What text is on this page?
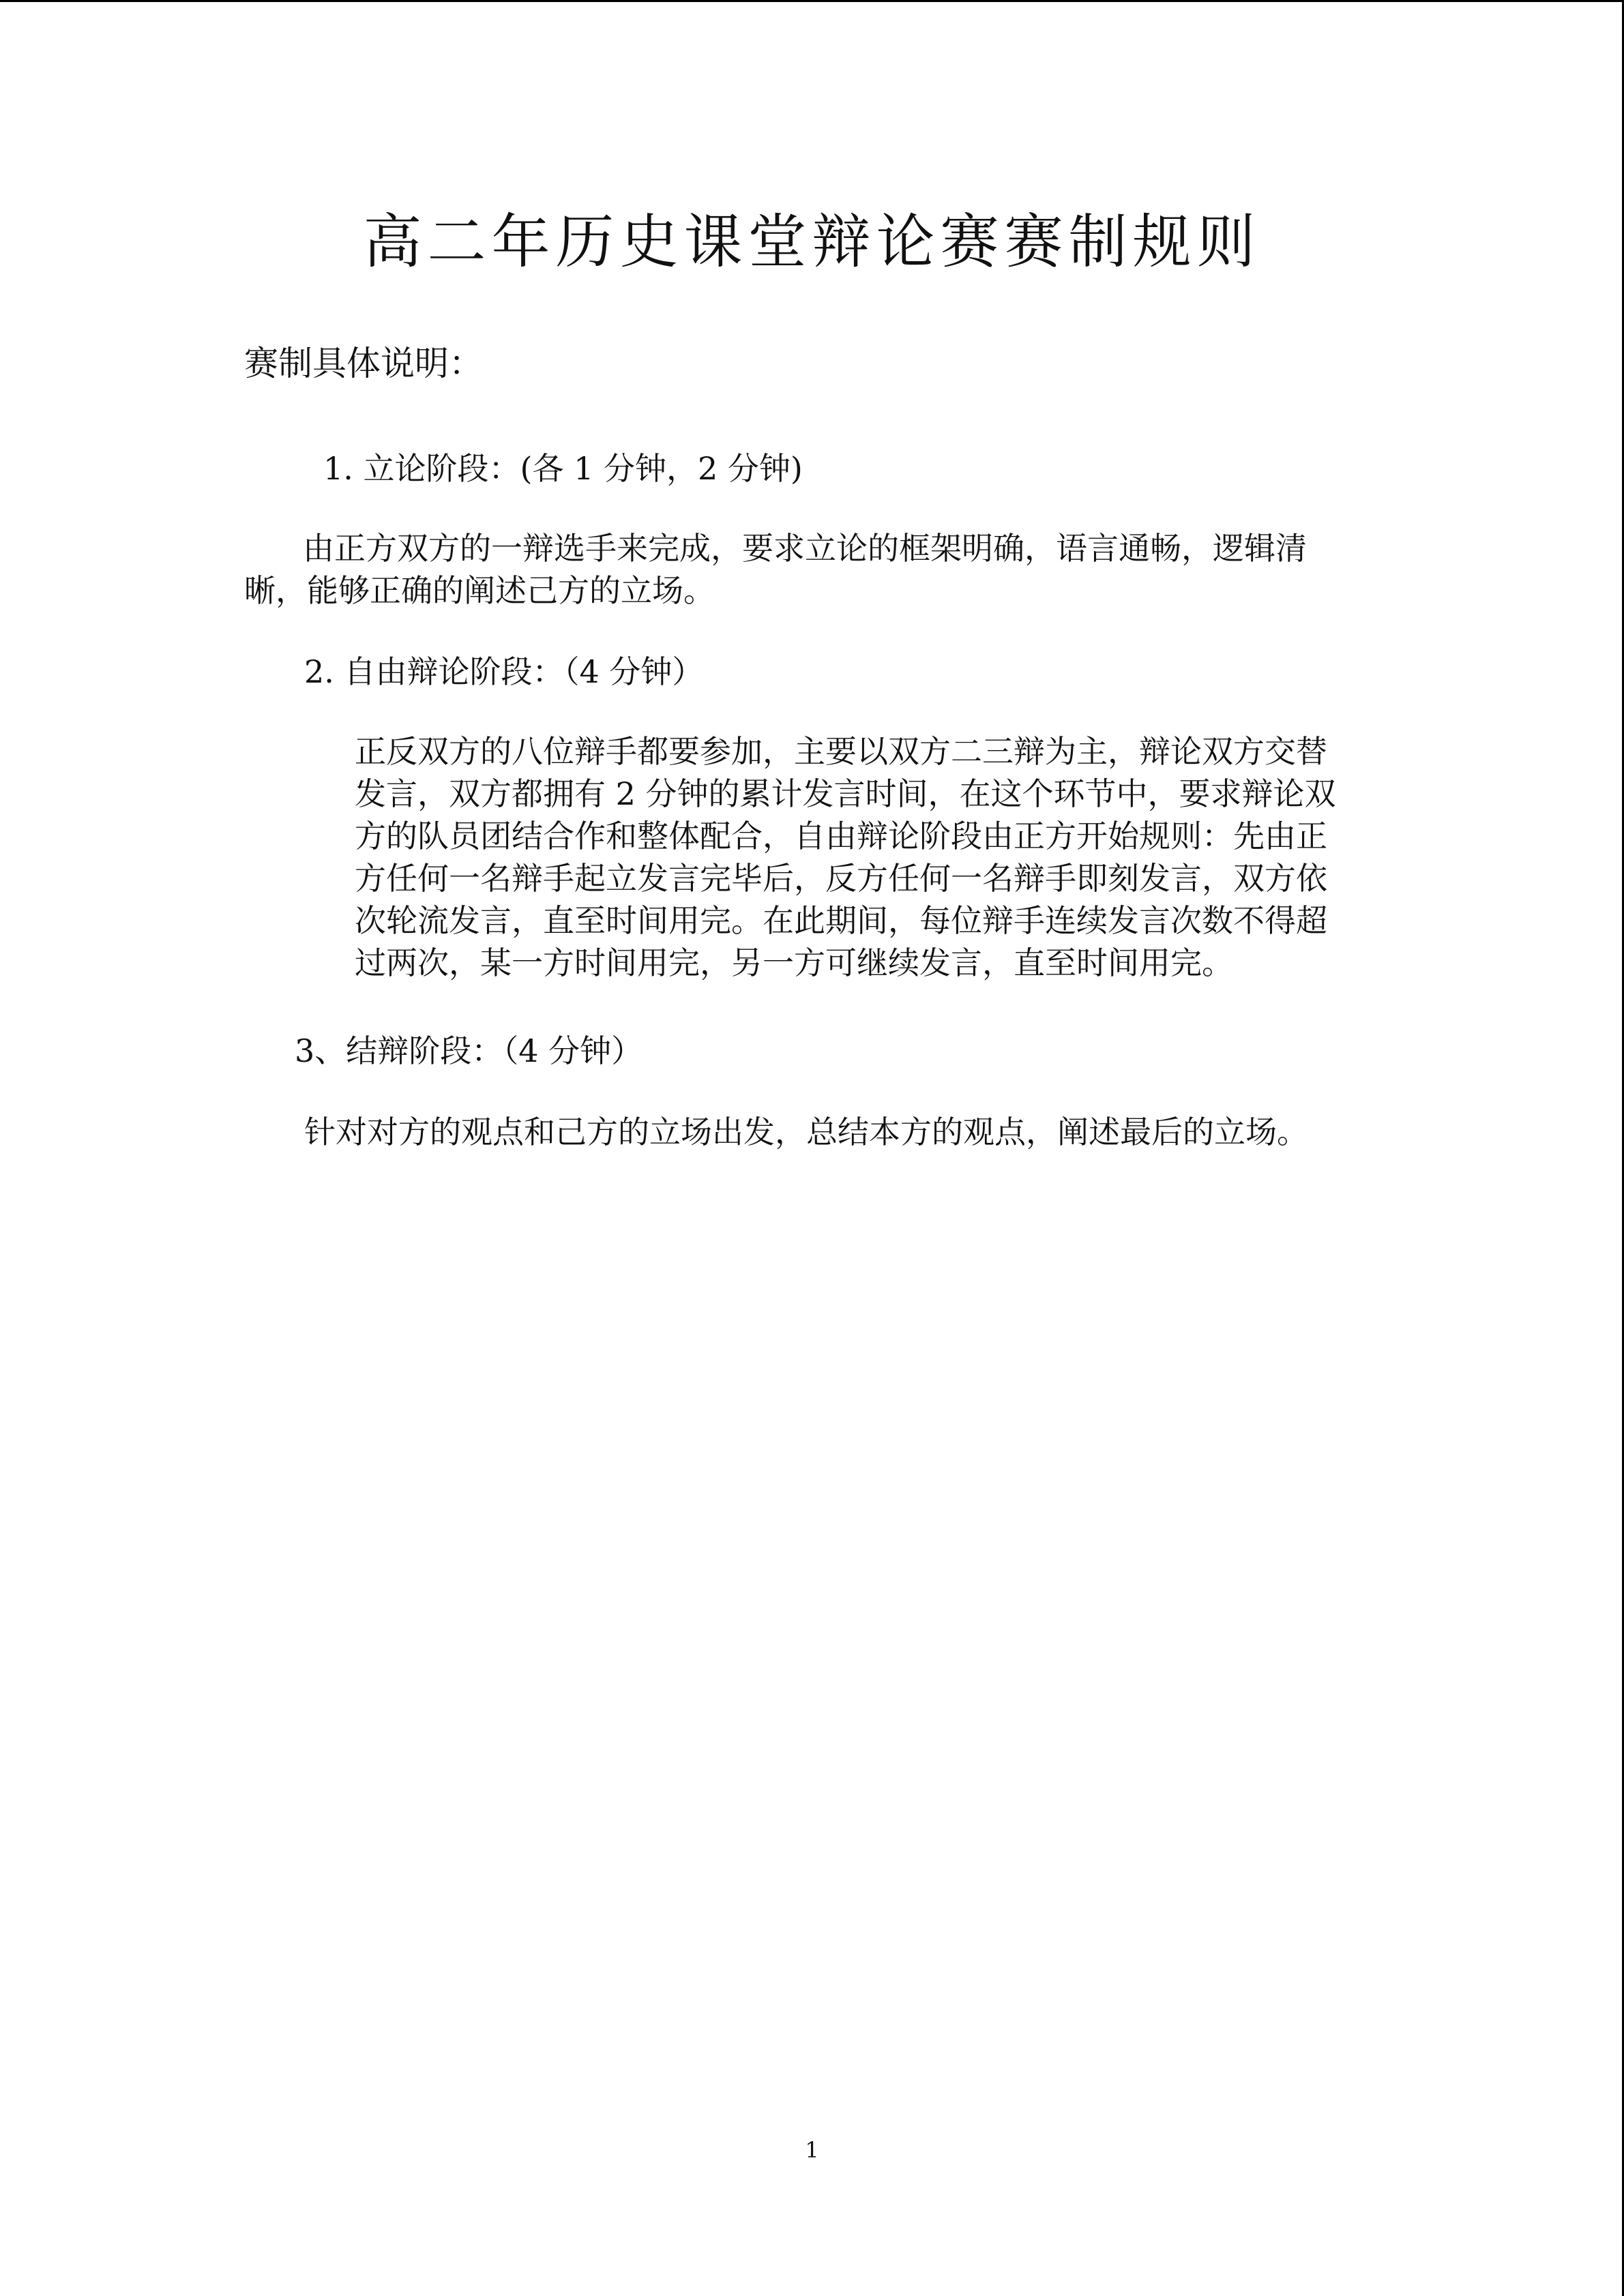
高二年历史课堂辩论赛赛制规则
赛制具体说明：
1. 立论阶段：(各 1 分钟，2 分钟)
由正方双方的一辩选手来完成，要求立论的框架明确，语言通畅，逻辑清
晰，能够正确的阐述己方的立场。
2. 自由辩论阶段：（4 分钟）
正反双方的八位辩手都要参加，主要以双方二三辩为主，辩论双方交替
发言，双方都拥有 2 分钟的累计发言时间，在这个环节中，要求辩论双
方的队员团结合作和整体配合，自由辩论阶段由正方开始规则：先由正
方任何一名辩手起立发言完毕后，反方任何一名辩手即刻发言，双方依
次轮流发言，直至时间用完。在此期间，每位辩手连续发言次数不得超
过两次，某一方时间用完，另一方可继续发言，直至时间用完。
3、结辩阶段：（4 分钟）
针对对方的观点和己方的立场出发，总结本方的观点，阐述最后的立场。
1
